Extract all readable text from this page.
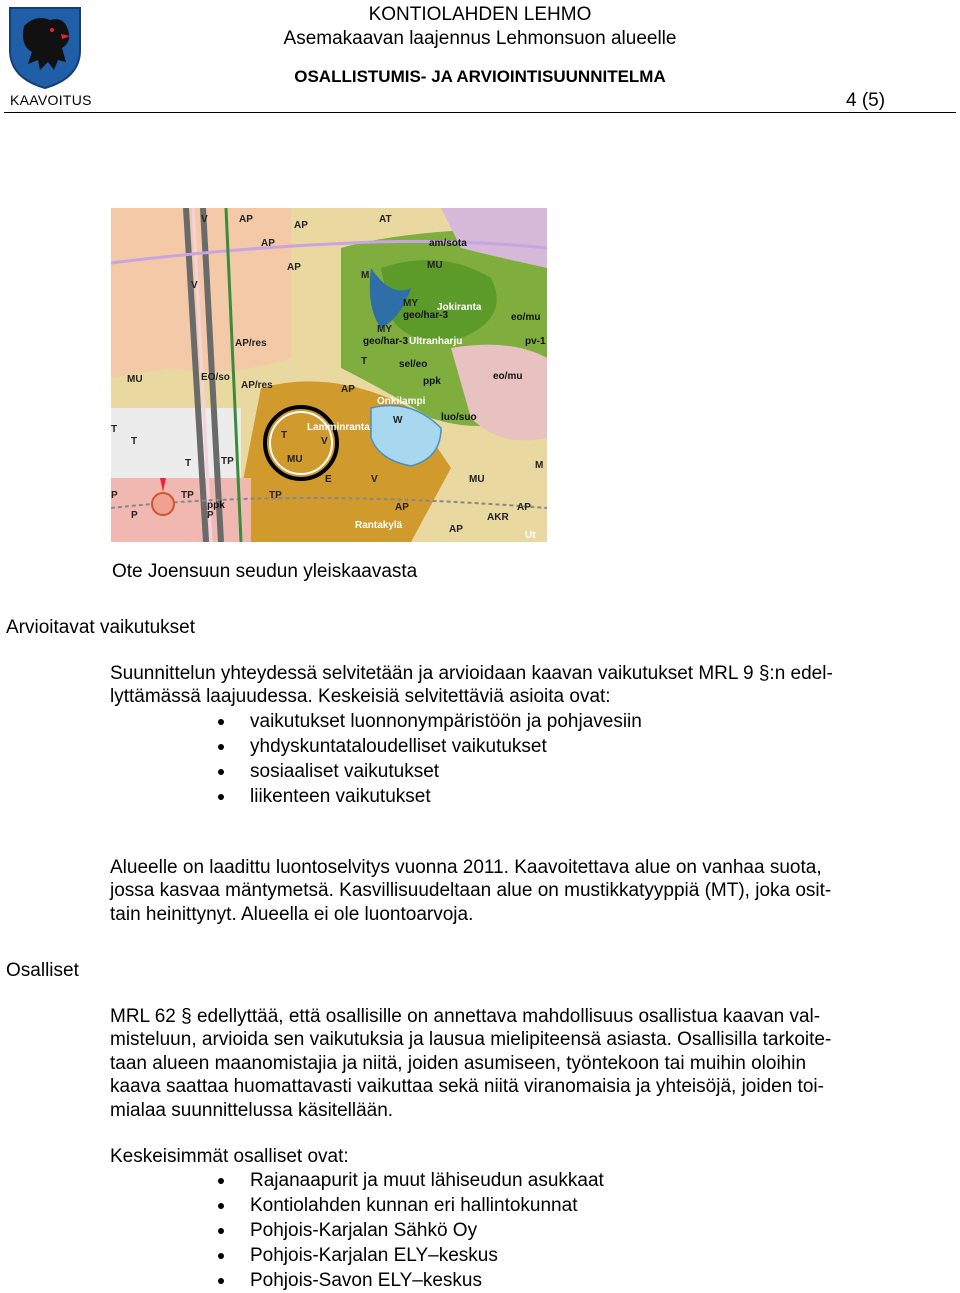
KAAVOITUS
KONTIOLAHDEN LEHMO
Asemakaavan laajennus Lehmonsuon alueelle
OSALLISTUMIS- JA ARVIOINTISUUNNITELMA
4 (5)
AP
AP
AT
AP
AP
AP/res
AP/res
EO/so
MU
MU
MY
MY
M
M
T
T
T
T
TP
TP	TP
P
P	P
V
V
V
V
W
E	MU
AP
AKR
AP
AP
AP
T
MU
Jokiranta
Ultranharju
Onkilampi
Lamminranta
Rantakylä
Ut
geo/har-3
geo/har-3
am/sota
sel/eo
eo/mu
eo/mu
pv-1
luo/suo
ppk
ppk
Ote Joensuun seudun yleiskaavasta
Arvioitavat vaikutukset
Suunnittelun yhteydessä selvitetään ja arvioidaan kaavan vaikutukset MRL 9 §:n edel-
lyttämässä laajuudessa. Keskeisiä selvitettäviä asioita ovat:
vaikutukset luonnonympäristöön ja pohjavesiin
yhdyskuntataloudelliset vaikutukset
sosiaaliset vaikutukset
liikenteen vaikutukset
Alueelle on laadittu luontoselvitys vuonna 2011. Kaavoitettava alue on vanhaa suota,
jossa kasvaa mäntymetsä. Kasvillisuudeltaan alue on mustikkatyyppiä (MT), joka osit-
tain heinittynyt. Alueella ei ole luontoarvoja.
Osalliset
MRL 62 § edellyttää, että osallisille on annettava mahdollisuus osallistua kaavan val-
misteluun, arvioida sen vaikutuksia ja lausua mielipiteensä asiasta. Osallisilla tarkoite-
taan alueen maanomistajia ja niitä, joiden asumiseen, työntekoon tai muihin oloihin
kaava saattaa huomattavasti vaikuttaa sekä niitä viranomaisia ja yhteisöjä, joiden toi-
mialaa suunnittelussa käsitellään.
Keskeisimmät osalliset ovat:
Rajanaapurit ja muut lähiseudun asukkaat
Kontiolahden kunnan eri hallintokunnat
Pohjois-Karjalan Sähkö Oy
Pohjois-Karjalan ELY–keskus
Pohjois-Savon ELY–keskus
